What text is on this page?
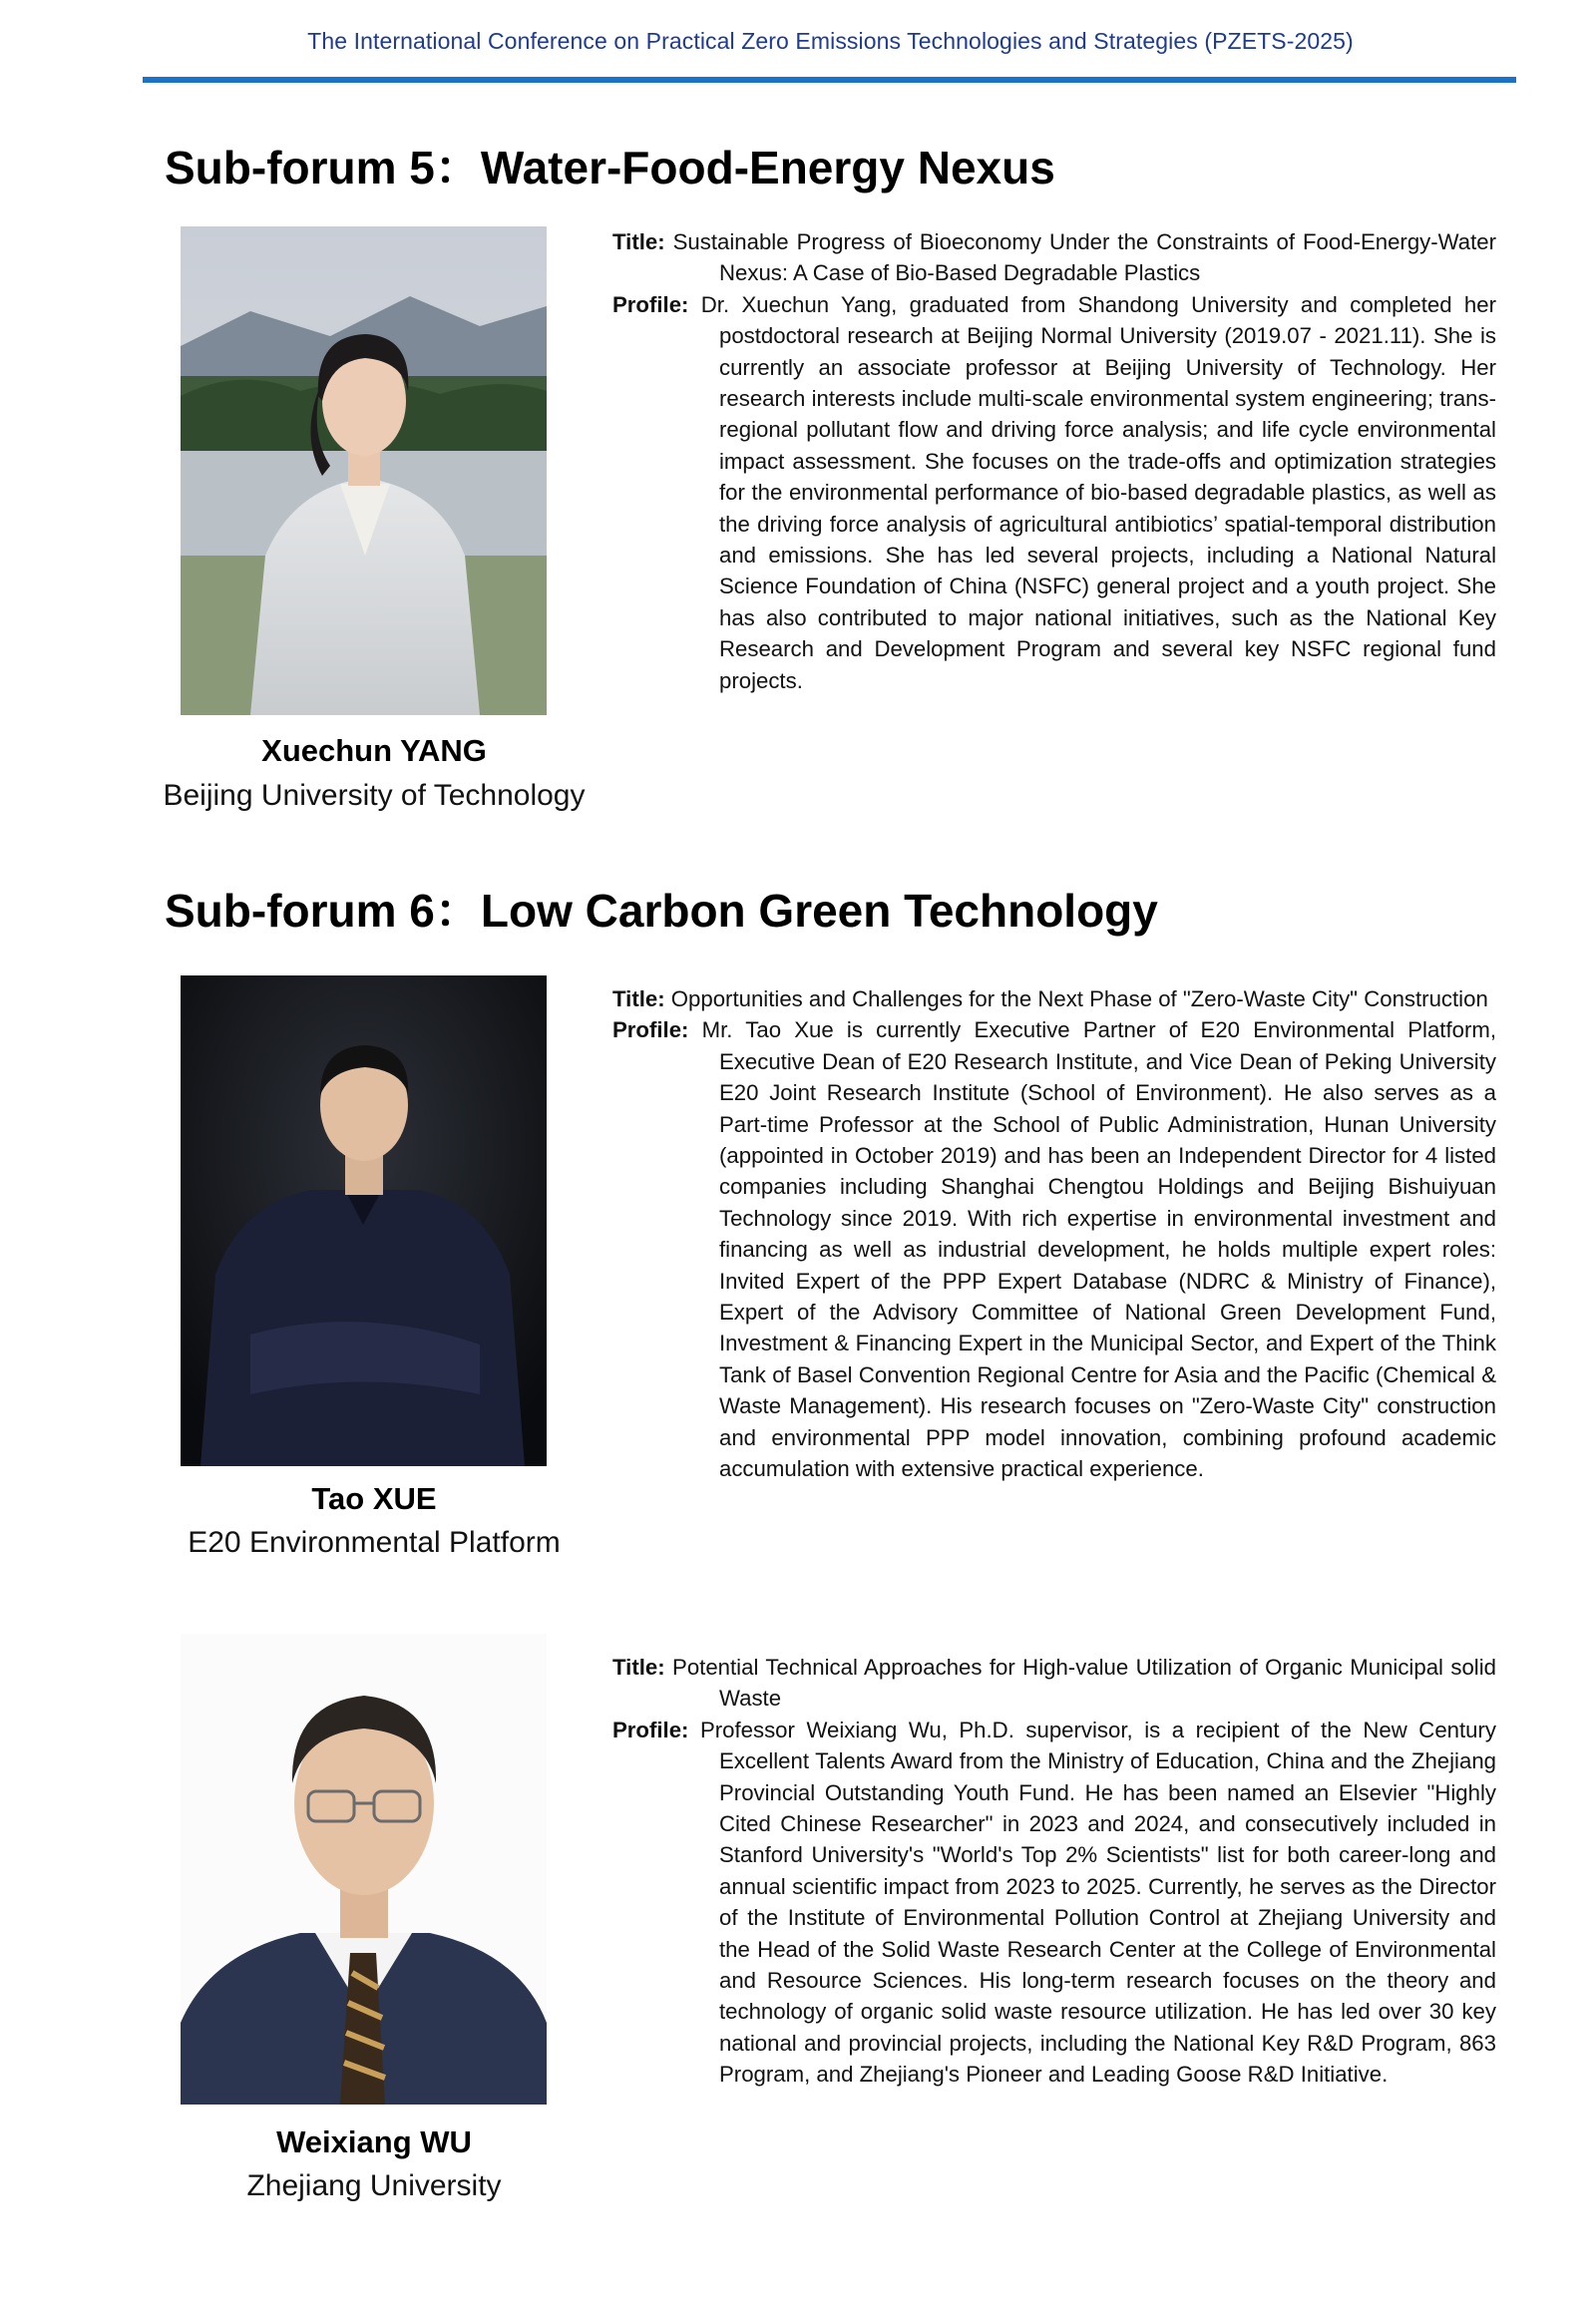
The International Conference on Practical Zero Emissions Technologies and Strategies (PZETS-2025)
Sub-forum 5：Water-Food-Energy Nexus
Xuechun YANG
Beijing University of Technology

Title: Sustainable Progress of Bioeconomy Under the Constraints of Food-Energy-Water Nexus: A Case of Bio-Based Degradable Plastics

Profile: Dr. Xuechun Yang, graduated from Shandong University and completed her postdoctoral research at Beijing Normal University (2019.07 - 2021.11). She is currently an associate professor at Beijing University of Technology. Her research interests include multi-scale environmental system engineering; trans-regional pollutant flow and driving force analysis; and life cycle environmental impact assessment. She focuses on the trade-offs and optimization strategies for the environmental performance of bio-based degradable plastics, as well as the driving force analysis of agricultural antibiotics’ spatial-temporal distribution and emissions. She has led several projects, including a National Natural Science Foundation of China (NSFC) general project and a youth project. She has also contributed to major national initiatives, such as the National Key Research and Development Program and several key NSFC regional fund projects.

Sub-forum 6：Low Carbon Green Technology
Tao XUE
E20 Environmental Platform

Title: Opportunities and Challenges for the Next Phase of "Zero-Waste City" Construction

Profile: Mr. Tao Xue is currently Executive Partner of E20 Environmental Platform, Executive Dean of E20 Research Institute, and Vice Dean of Peking University E20 Joint Research Institute (School of Environment). He also serves as a Part-time Professor at the School of Public Administration, Hunan University (appointed in October 2019) and has been an Independent Director for 4 listed companies including Shanghai Chengtou Holdings and Beijing Bishuiyuan Technology since 2019. With rich expertise in environmental investment and financing as well as industrial development, he holds multiple expert roles: Invited Expert of the PPP Expert Database (NDRC & Ministry of Finance), Expert of the Advisory Committee of National Green Development Fund, Investment & Financing Expert in the Municipal Sector, and Expert of the Think Tank of Basel Convention Regional Centre for Asia and the Pacific (Chemical & Waste Management). His research focuses on "Zero-Waste City" construction and environmental PPP model innovation, combining profound academic accumulation with extensive practical experience.

Weixiang WU
Zhejiang University

Title: Potential Technical Approaches for High-value Utilization of Organic Municipal solid Waste

Profile: Professor Weixiang Wu, Ph.D. supervisor, is a recipient of the New Century Excellent Talents Award from the Ministry of Education, China and the Zhejiang Provincial Outstanding Youth Fund. He has been named an Elsevier "Highly Cited Chinese Researcher" in 2023 and 2024, and consecutively included in Stanford University's "World's Top 2% Scientists" list for both career-long and annual scientific impact from 2023 to 2025. Currently, he serves as the Director of the Institute of Environmental Pollution Control at Zhejiang University and the Head of the Solid Waste Research Center at the College of Environmental and Resource Sciences. His long-term research focuses on the theory and technology of organic solid waste resource utilization. He has led over 30 key national and provincial projects, including the National Key R&D Program, 863 Program, and Zhejiang's Pioneer and Leading Goose R&D Initiative.
